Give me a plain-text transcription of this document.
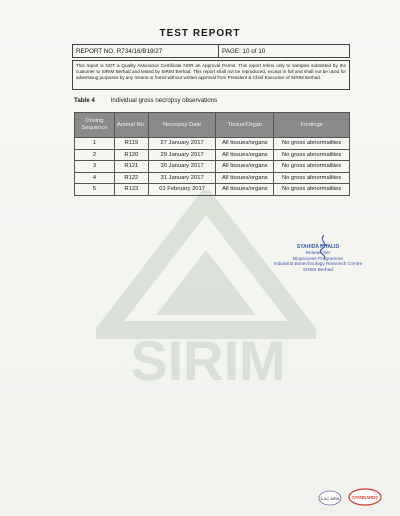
SIRIM
TEST REPORT
REPORT NO. R734/16/B19/27	PAGE: 10 of 10
This report is NOT a Quality Assurance Certificate NOR an Approval Permit. This report refers only to samples submitted by the customer to SIRIM Berhad and tested by SIRIM Berhad. This report shall not be reproduced, except in full and shall not be used for advertising purposes by any means or forms without written approval from President & Chief Executive of SIRIM Berhad.
Table 4	Individual gross necropsy observations
Dosing Sequence	Animal No.	Necropsy Date	Tissue/Organ	Findings
1	R119	27 January 2017	All tissues/organs	No gross abnormalities
2	R120	29 January 2017	All tissues/organs	No gross abnormalities
3	R121	30 January 2017	All tissues/organs	No gross abnormalities
4	R122	31 January 2017	All tissues/organs	No gross abnormalities
5	R123	01 February 2017	All tissues/organs	No gross abnormalities
SYAHIDA KHALID
Researcher
Bioprocess Programme
Industrial Biotechnology Research Centre
SIRIM Berhad
ILAC-MRA	STANDARDS
